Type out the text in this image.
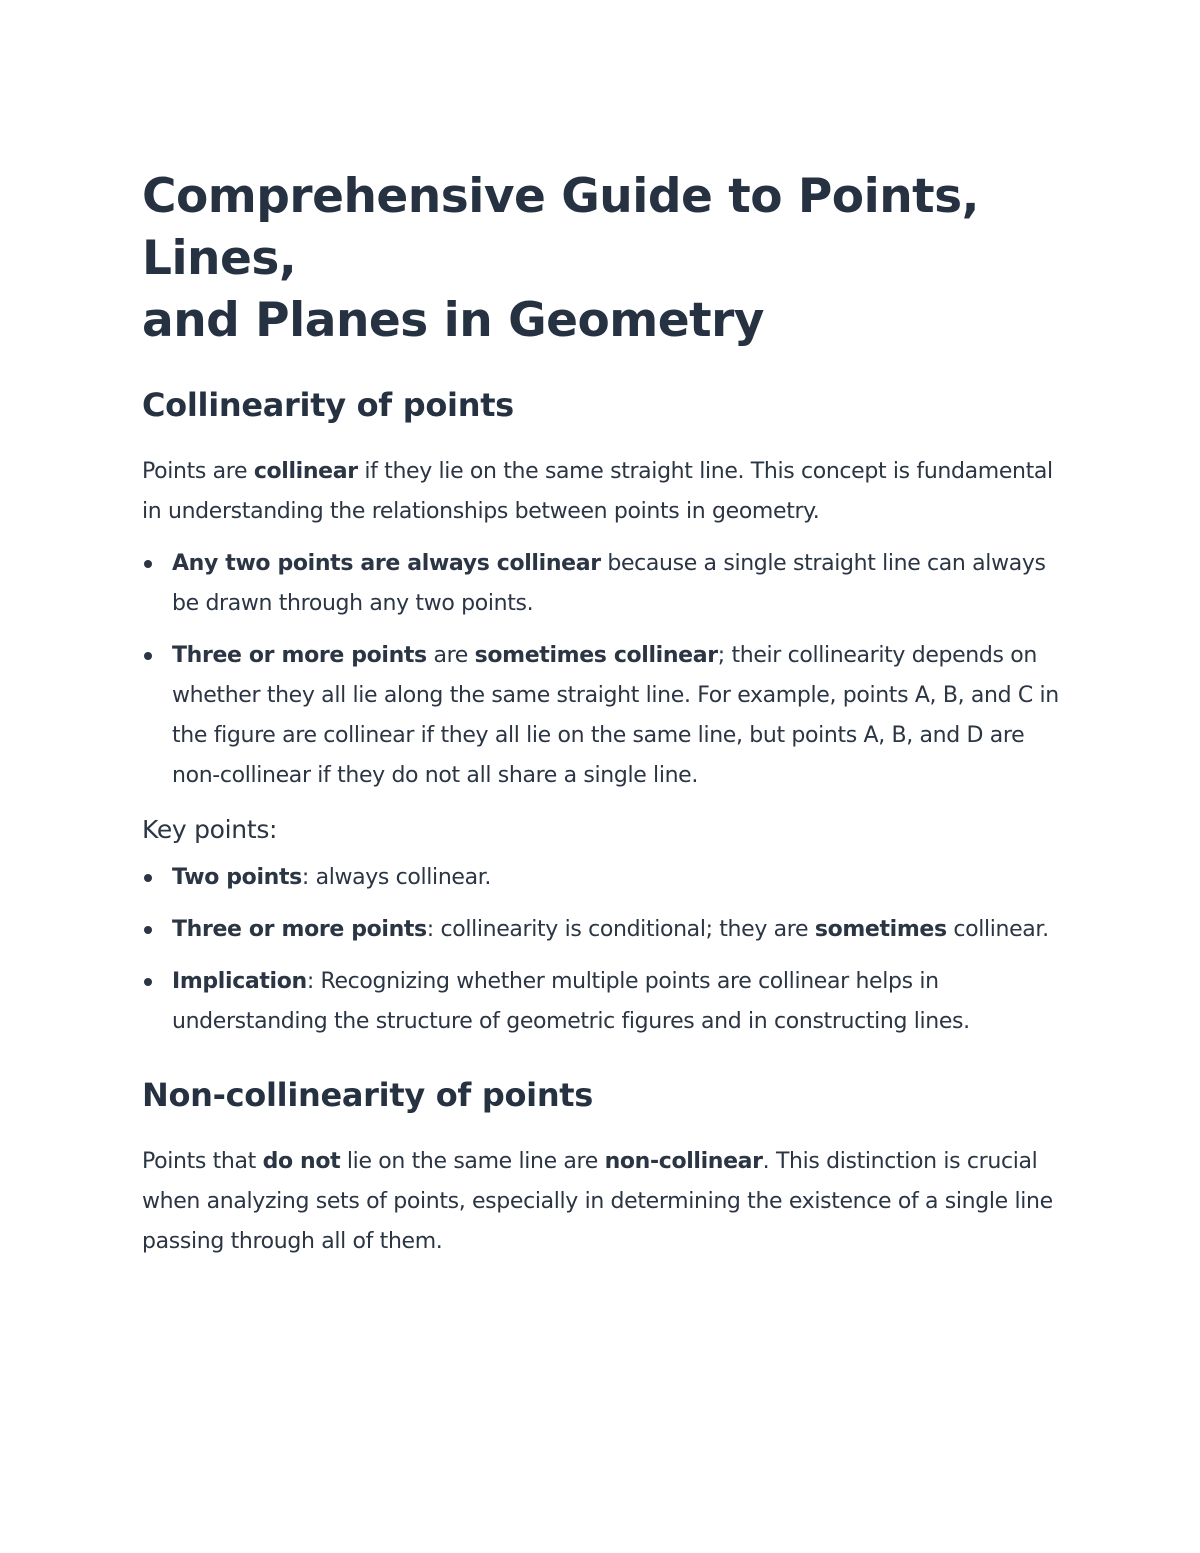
Comprehensive Guide to Points, Lines,
and Planes in Geometry
Collinearity of points

Points are collinear if they lie on the same straight line. This concept is fundamental in understanding the relationships between points in geometry.

Any two points are always collinear because a single straight line can always be drawn through any two points.
Three or more points are sometimes collinear; their collinearity depends on whether they all lie along the same straight line. For example, points A, B, and C in the figure are collinear if they all lie on the same line, but points A, B, and D are non-collinear if they do not all share a single line.

Key points:

Two points: always collinear.
Three or more points: collinearity is conditional; they are sometimes collinear.
Implication: Recognizing whether multiple points are collinear helps in understanding the structure of geometric figures and in constructing lines.
Non-collinearity of points

Points that do not lie on the same line are non-collinear. This distinction is crucial when analyzing sets of points, especially in determining the existence of a single line passing through all of them.
